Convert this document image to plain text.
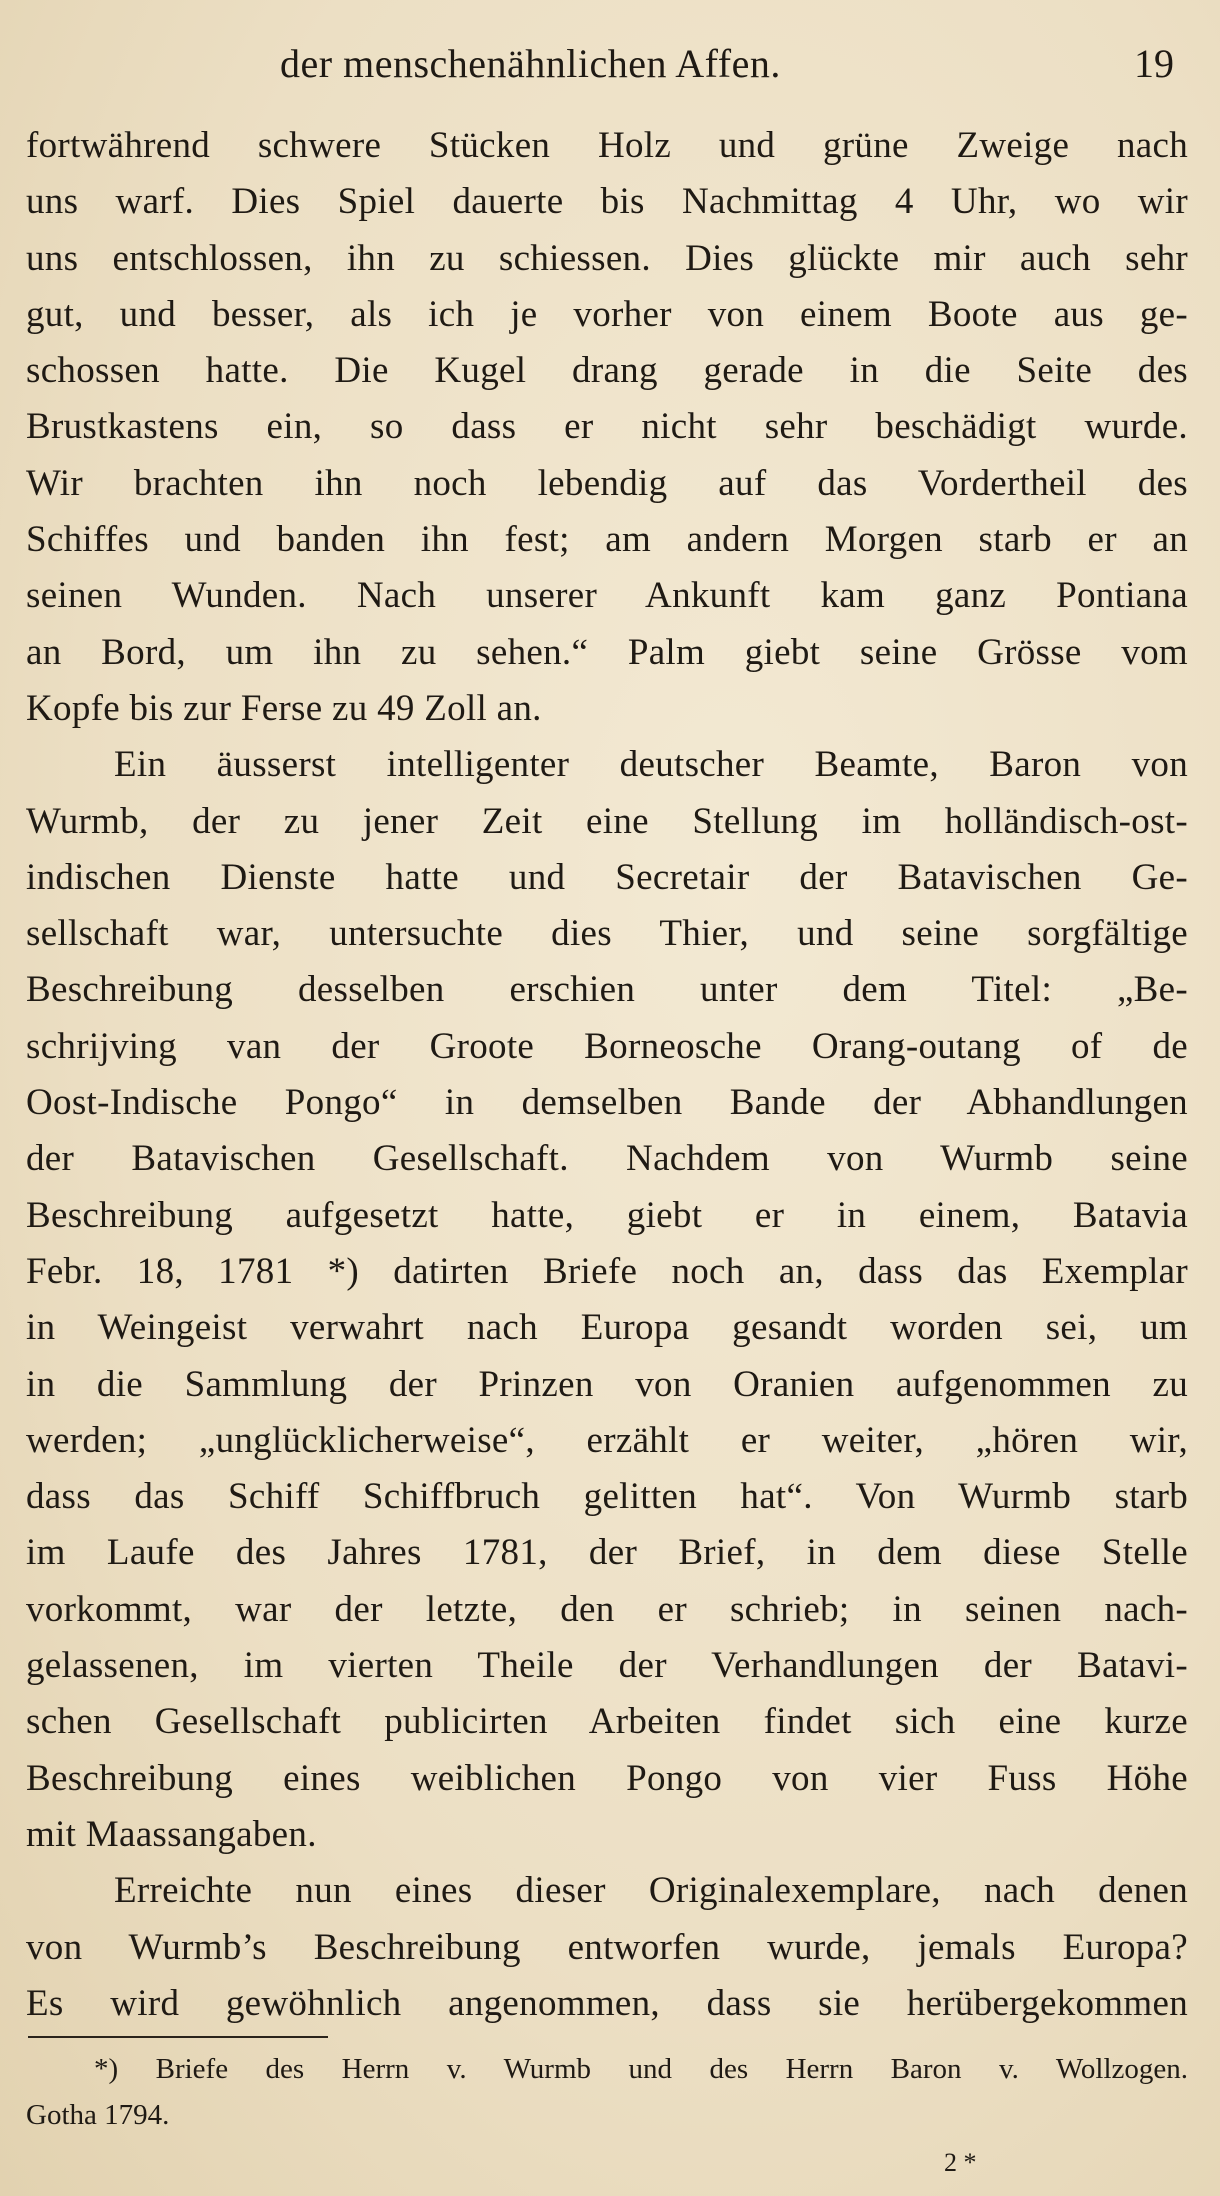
der menschenähnlichen Affen.	19
fortwährend schwere Stücken Holz und grüne Zweige nach
uns warf. Dies Spiel dauerte bis Nachmittag 4 Uhr, wo wir
uns entschlossen, ihn zu schiessen. Dies glückte mir auch sehr
gut, und besser, als ich je vorher von einem Boote aus ge-
schossen hatte. Die Kugel drang gerade in die Seite des
Brustkastens ein, so dass er nicht sehr beschädigt wurde.
Wir brachten ihn noch lebendig auf das Vordertheil des
Schiffes und banden ihn fest; am andern Morgen starb er an
seinen Wunden. Nach unserer Ankunft kam ganz Pontiana
an Bord, um ihn zu sehen.“ Palm giebt seine Grösse vom
Kopfe bis zur Ferse zu 49 Zoll an.
Ein äusserst intelligenter deutscher Beamte, Baron von
Wurmb, der zu jener Zeit eine Stellung im holländisch-ost-
indischen Dienste hatte und Secretair der Batavischen Ge-
sellschaft war, untersuchte dies Thier, und seine sorgfältige
Beschreibung desselben erschien unter dem Titel: „Be-
schrijving van der Groote Borneosche Orang-outang of de
Oost-Indische Pongo“ in demselben Bande der Abhandlungen
der Batavischen Gesellschaft. Nachdem von Wurmb seine
Beschreibung aufgesetzt hatte, giebt er in einem, Batavia
Febr. 18, 1781 *) datirten Briefe noch an, dass das Exemplar
in Weingeist verwahrt nach Europa gesandt worden sei, um
in die Sammlung der Prinzen von Oranien aufgenommen zu
werden; „unglücklicherweise“, erzählt er weiter, „hören wir,
dass das Schiff Schiffbruch gelitten hat“. Von Wurmb starb
im Laufe des Jahres 1781, der Brief, in dem diese Stelle
vorkommt, war der letzte, den er schrieb; in seinen nach-
gelassenen, im vierten Theile der Verhandlungen der Batavi-
schen Gesellschaft publicirten Arbeiten findet sich eine kurze
Beschreibung eines weiblichen Pongo von vier Fuss Höhe
mit Maassangaben.
Erreichte nun eines dieser Originalexemplare, nach denen
von Wurmb’s Beschreibung entworfen wurde, jemals Europa?
Es wird gewöhnlich angenommen, dass sie herübergekommen
*) Briefe des Herrn v. Wurmb und des Herrn Baron v. Wollzogen.
Gotha 1794.
2 *
